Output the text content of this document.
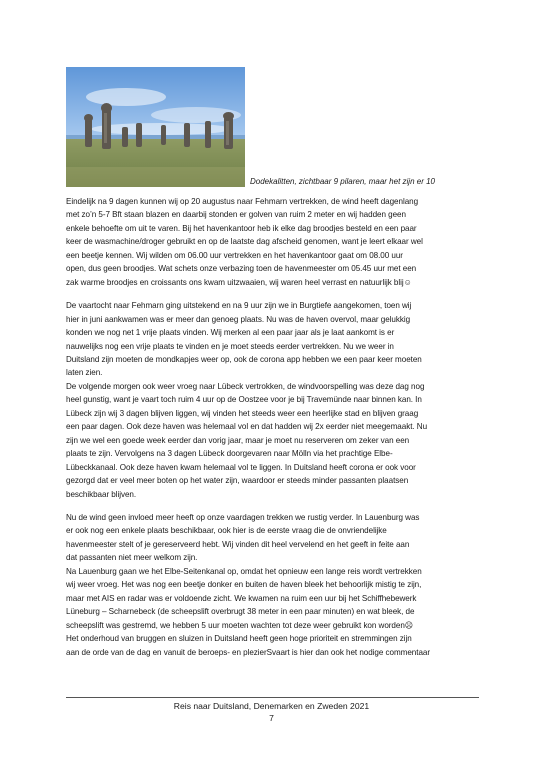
Dodekalitten, zichtbaar 9 pilaren, maar het zijn er 10
Eindelijk na 9 dagen kunnen wij op 20 augustus naar Fehmarn vertrekken, de wind heeft dagenlang
met zo’n 5-7 Bft staan blazen en daarbij stonden er golven van ruim 2 meter en wij hadden geen
enkele behoefte om uit te varen. Bij het havenkantoor heb ik elke dag broodjes besteld en een paar
keer de wasmachine/droger gebruikt en op de laatste dag afscheid genomen, want je leert elkaar wel
een beetje kennen. Wij wilden om 06.00 uur vertrekken en het havenkantoor gaat om 08.00 uur
open, dus geen broodjes. Wat schets onze verbazing toen de havenmeester om 05.45 uur met een
zak warme broodjes en croissants ons kwam uitzwaaien, wij waren heel verrast en natuurlijk blij☺
De vaartocht naar Fehmarn ging uitstekend en na 9 uur zijn we in Burgtiefe aangekomen, toen wij
hier in juni aankwamen was er meer dan genoeg plaats. Nu was de haven overvol, maar gelukkig
konden we nog net 1 vrije plaats vinden. Wij merken al een paar jaar als je laat aankomt is er
nauwelijks nog een vrije plaats te vinden en je moet steeds eerder vertrekken. Nu we weer in
Duitsland zijn moeten de mondkapjes weer op, ook de corona app hebben we een paar keer moeten
laten zien.
De volgende morgen ook weer vroeg naar Lübeck vertrokken, de windvoorspelling was deze dag nog
heel gunstig, want je vaart toch ruim 4 uur op de Oostzee voor je bij Travemünde naar binnen kan. In
Lübeck zijn wij 3 dagen blijven liggen, wij vinden het steeds weer een heerlijke stad en blijven graag
een paar dagen. Ook deze haven was helemaal vol en dat hadden wij 2x eerder niet meegemaakt. Nu
zijn we wel een goede week eerder dan vorig jaar, maar je moet nu reserveren om zeker van een
plaats te zijn. Vervolgens na 3 dagen Lübeck doorgevaren naar Mölln via het prachtige Elbe-
Lübeckkanaal. Ook deze haven kwam helemaal vol te liggen. In Duitsland heeft corona er ook voor
gezorgd dat er veel meer boten op het water zijn, waardoor er steeds minder passanten plaatsen
beschikbaar blijven.
Nu de wind geen invloed meer heeft op onze vaardagen trekken we rustig verder. In Lauenburg was
er ook nog een enkele plaats beschikbaar, ook hier is de eerste vraag die de onvriendelijke
havenmeester stelt of je gereserveerd hebt. Wij vinden dit heel vervelend en het geeft in feite aan
dat passanten niet meer welkom zijn.
Na Lauenburg gaan we het Elbe-Seitenkanal op, omdat het opnieuw een lange reis wordt vertrekken
wij weer vroeg. Het was nog een beetje donker en buiten de haven bleek het behoorlijk mistig te zijn,
maar met AIS en radar was er voldoende zicht. We kwamen na ruim een uur bij het Schiffhebewerk
Lüneburg – Scharnebeck (de scheepslift overbrugt 38 meter in een paar minuten) en wat bleek, de
scheepslift was gestremd, we hebben 5 uur moeten wachten tot deze weer gebruikt kon worden☹
Het onderhoud van bruggen en sluizen in Duitsland heeft geen hoge prioriteit en stremmingen zijn
aan de orde van de dag en vanuit de beroeps- en plezierSvaart is hier dan ook het nodige commentaar
Reis naar Duitsland, Denemarken en Zweden 2021
7
